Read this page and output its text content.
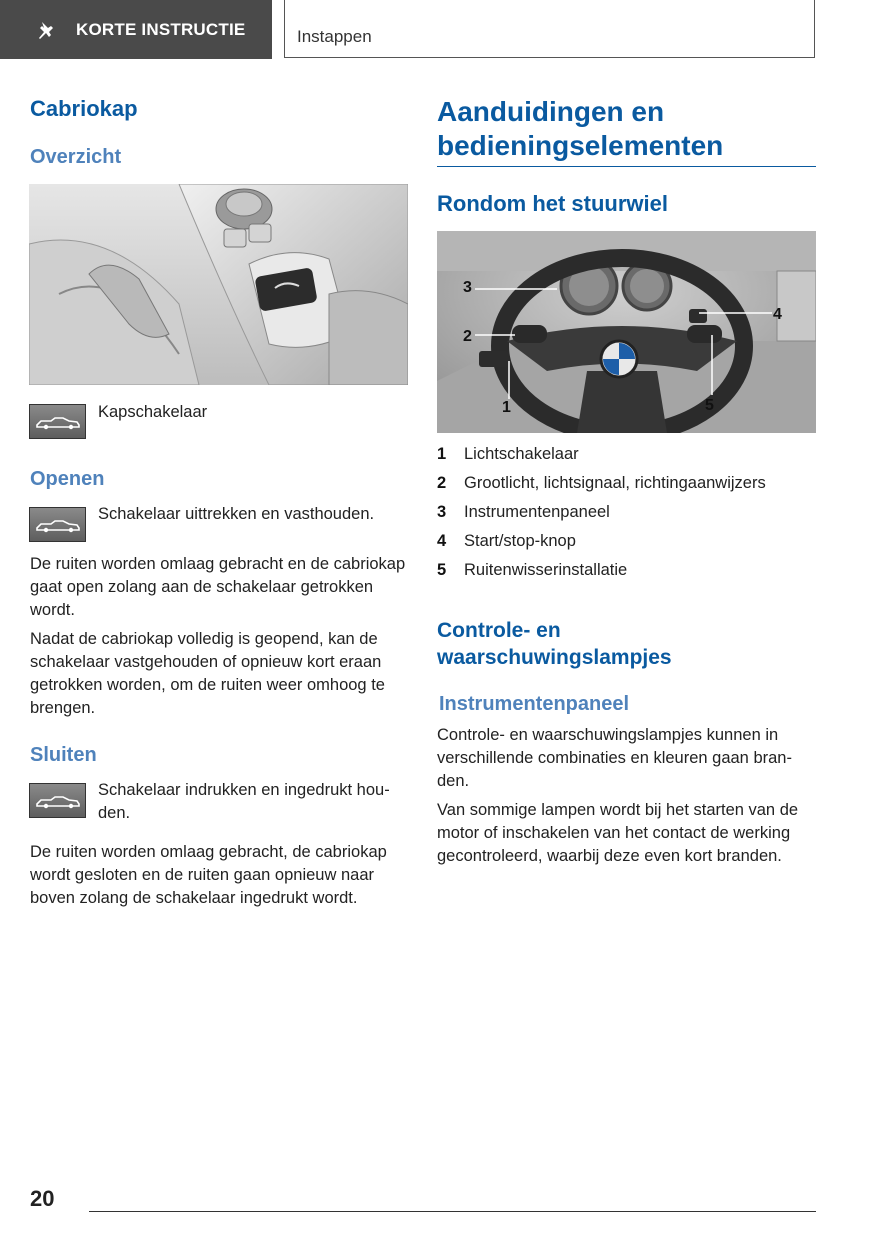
KORTE INSTRUCTIE	Instappen
Cabriokap
Overzicht

Kapschakelaar

Openen

Schakelaar uittrekken en vasthouden.

De ruiten worden omlaag gebracht en de cabriokap gaat open zolang aan de schakelaar getrokken wordt.

Nadat de cabriokap volledig is geopend, kan de schakelaar vastgehouden of opnieuw kort eraan getrokken worden, om de ruiten weer omhoog te brengen.

Sluiten

Schakelaar indrukken en ingedrukt houden.

De ruiten worden omlaag gebracht, de cabriokap wordt gesloten en de ruiten gaan opnieuw naar boven zolang de schakelaar ingedrukt wordt.

Aanduidingen en bedieningselementen
Rondom het stuurwiel
1
2
3
4
5
1	Lichtschakelaar
2	Grootlicht, lichtsignaal, richtingaanwijzers
3	Instrumentenpaneel
4	Start/stop-knop
5	Ruitenwisserinstallatie
Controle- en waarschuwingslampjes
Instrumentenpaneel

Controle- en waarschuwingslampjes kunnen in verschillende combinaties en kleuren gaan branden.

Van sommige lampen wordt bij het starten van de motor of inschakelen van het contact de werking gecontroleerd, waarbij deze even kort branden.

20
